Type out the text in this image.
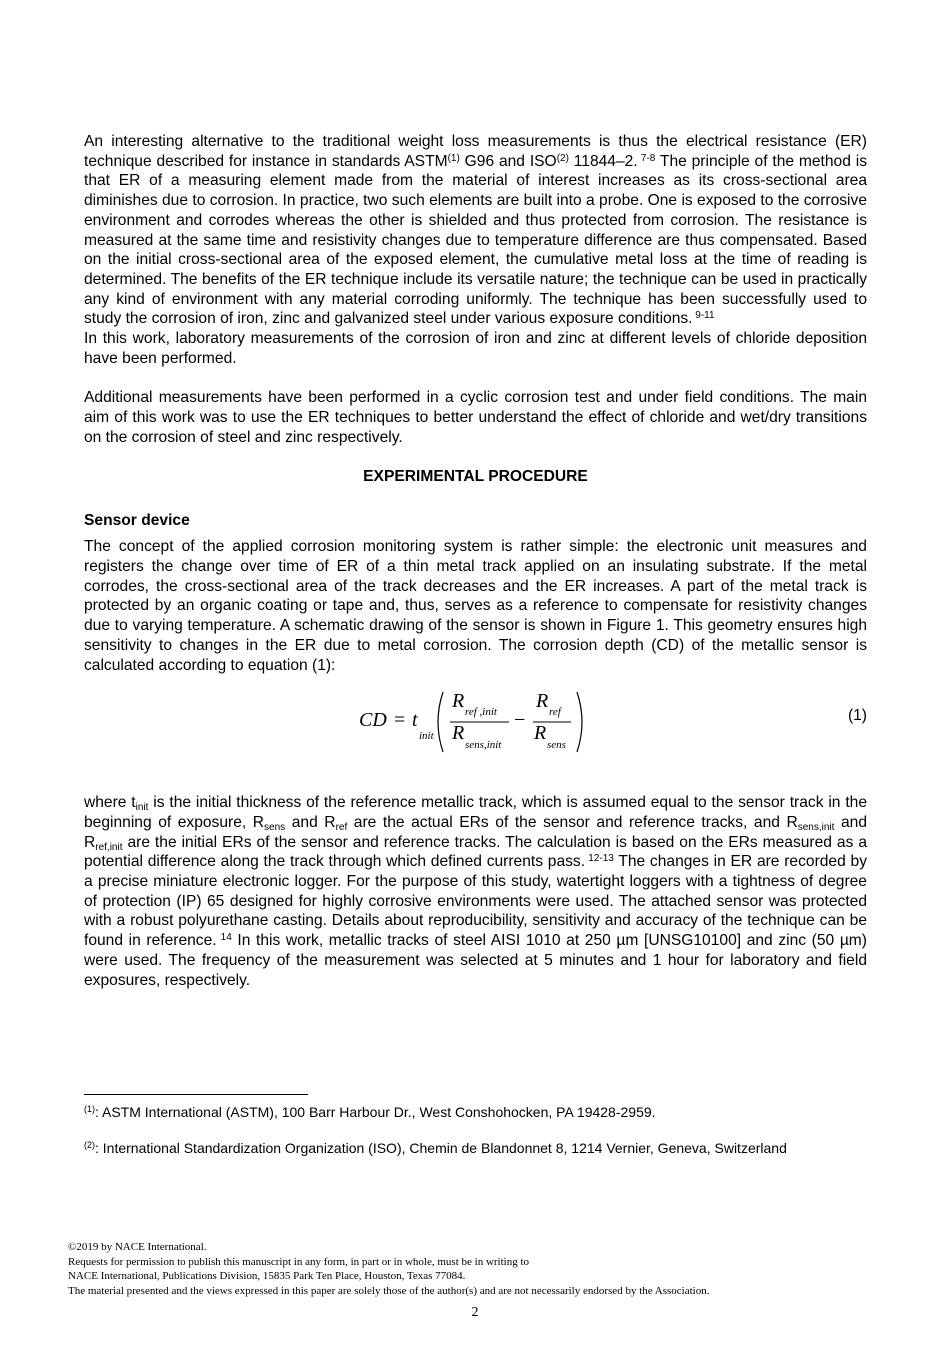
An interesting alternative to the traditional weight loss measurements is thus the electrical resistance (ER) technique described for instance in standards ASTM$^{(1)}$ G96 and ISO$^{(2)}$ 11844–2. $^{7-8}$ The principle of the method is that ER of a measuring element made from the material of interest increases as its cross-sectional area diminishes due to corrosion. In practice, two such elements are built into a probe. One is exposed to the corrosive environment and corrodes whereas the other is shielded and thus protected from corrosion. The resistance is measured at the same time and resistivity changes due to temperature difference are thus compensated. Based on the initial cross-sectional area of the exposed element, the cumulative metal loss at the time of reading is determined. The benefits of the ER technique include its versatile nature; the technique can be used in practically any kind of environment with any material corroding uniformly. The technique has been successfully used to study the corrosion of iron, zinc and galvanized steel under various exposure conditions. $^{9-11}$

In this work, laboratory measurements of the corrosion of iron and zinc at different levels of chloride deposition have been performed.

Additional measurements have been performed in a cyclic corrosion test and under field conditions. The main aim of this work was to use the ER techniques to better understand the effect of chloride and wet/dry transitions on the corrosion of steel and zinc respectively.

EXPERIMENTAL PROCEDURE
Sensor device

The concept of the applied corrosion monitoring system is rather simple: the electronic unit measures and registers the change over time of ER of a thin metal track applied on an insulating substrate. If the metal corrodes, the cross-sectional area of the track decreases and the ER increases. A part of the metal track is protected by an organic coating or tape and, thus, serves as a reference to compensate for resistivity changes due to varying temperature. A schematic drawing of the sensor is shown in Figure 1. This geometry ensures high sensitivity to changes in the ER due to metal corrosion. The corrosion depth (CD) of the metallic sensor is calculated according to equation (1):

CD = t
init
R ref ,init
R
sens,init
−
R ref
R
sens
(1)

where $t_{init}$ is the initial thickness of the reference metallic track, which is assumed equal to the sensor track in the beginning of exposure, $R_{sens}$ and $R_{ref}$ are the actual ERs of the sensor and reference tracks, and $R_{sens,init}$ and $R_{ref,init}$ are the initial ERs of the sensor and reference tracks. The calculation is based on the ERs measured as a potential difference along the track through which defined currents pass. $^{12-13}$ The changes in ER are recorded by a precise miniature electronic logger. For the purpose of this study, watertight loggers with a tightness of degree of protection (IP) 65 designed for highly corrosive environments were used. The attached sensor was protected with a robust polyurethane casting. Details about reproducibility, sensitivity and accuracy of the technique can be found in reference. $^{14}$ In this work, metallic tracks of steel AISI 1010 at 250 µm [UNSG10100] and zinc (50 µm) were used. The frequency of the measurement was selected at 5 minutes and 1 hour for laboratory and field exposures, respectively.

$^{(1)}$: ASTM International (ASTM), 100 Barr Harbour Dr., West Conshohocken, PA 19428-2959.
$^{(2)}$: International Standardization Organization (ISO), Chemin de Blandonnet 8, 1214 Vernier, Geneva, Switzerland
©2019 by NACE International.
Requests for permission to publish this manuscript in any form, in part or in whole, must be in writing to
NACE International, Publications Division, 15835 Park Ten Place, Houston, Texas 77084.
The material presented and the views expressed in this paper are solely those of the author(s) and are not necessarily endorsed by the Association.
2
